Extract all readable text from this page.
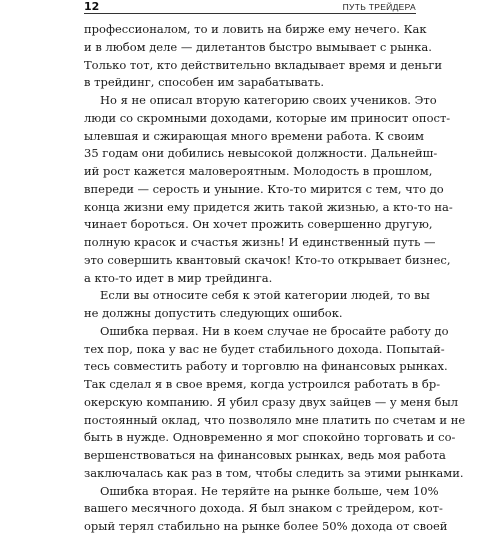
12	ПУТЬ ТРЕЙДЕРА

профессионалом, то и ловить на бирже ему нечего. Как
и в любом деле — дилетантов быстро вымывает с рынка.
Только тот, кто действительно вкладывает время и деньги
в трейдинг, способен им зарабатывать.

Но я не описал вторую категорию своих учеников. Это
люди со скромными доходами, которые им приносит опост-
ылевшая и сжирающая много времени работа. К своим
35 годам они добились невысокой должности. Дальнейш-
ий рост кажется маловероятным. Молодость в прошлом,
впереди — серость и уныние. Кто-то мирится с тем, что до
конца жизни ему придется жить такой жизнью, а кто-то на-
чинает бороться. Он хочет прожить совершенно другую,
полную красок и счастья жизнь! И единственный путь —
это совершить квантовый скачок! Кто-то открывает бизнес,
а кто-то идет в мир трейдинга.

Если вы относите себя к этой категории людей, то вы
не должны допустить следующих ошибок.

Ошибка первая. Ни в коем случае не бросайте работу до
тех пор, пока у вас не будет стабильного дохода. Попытай-
тесь совместить работу и торговлю на финансовых рынках.
Так сделал я в свое время, когда устроился работать в бр-
окерскую компанию. Я убил сразу двух зайцев — у меня был
постоянный оклад, что позволяло мне платить по счетам и не
быть в нужде. Одновременно я мог спокойно торговать и со-
вершенствоваться на финансовых рынках, ведь моя работа
заключалась как раз в том, чтобы следить за этими рынками.

Ошибка вторая. Не теряйте на рынке больше, чем 10%
вашего месячного дохода. Я был знаком с трейдером, кот-
орый терял стабильно на рынке более 50% дохода от своей
